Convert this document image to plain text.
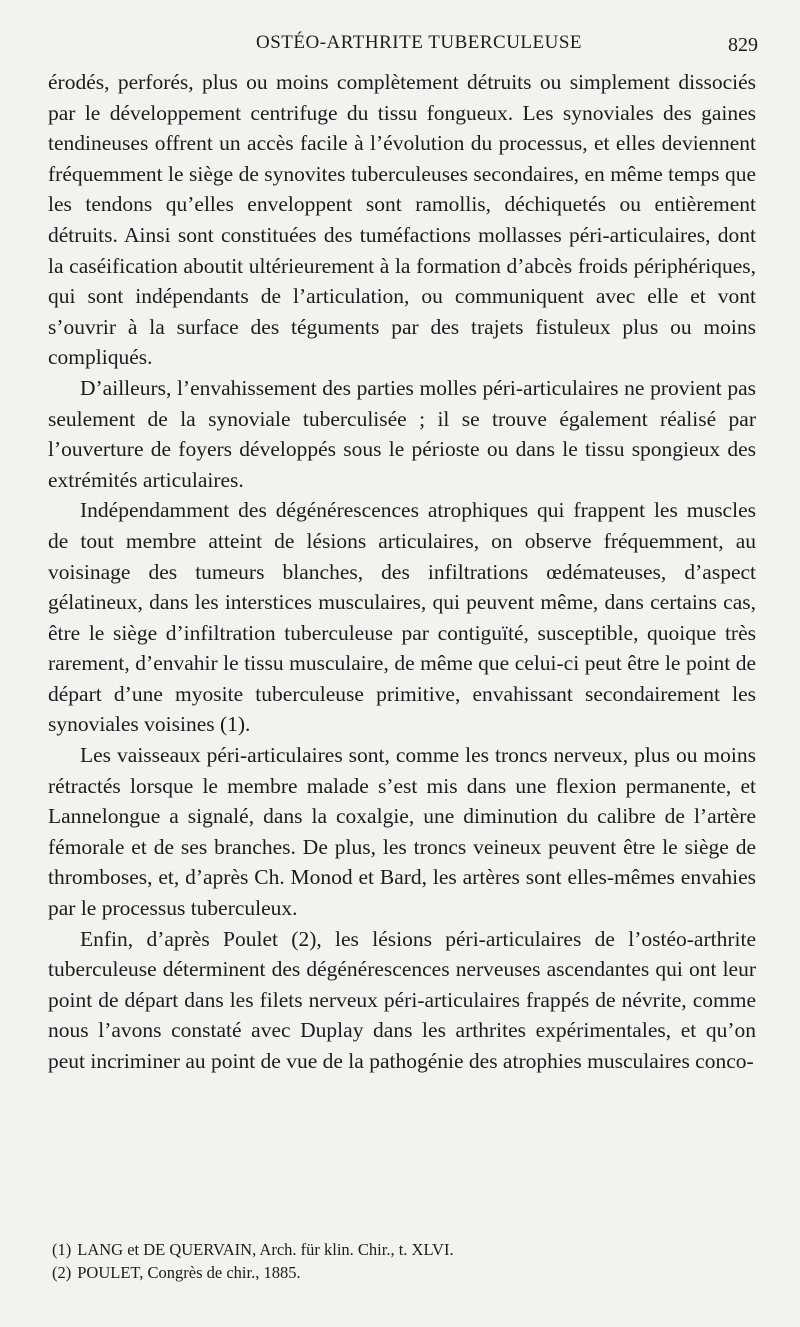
OSTÉO-ARTHRITE TUBERCULEUSE	829

érodés, perforés, plus ou moins complètement détruits ou simplement dissociés par le développement centrifuge du tissu fongueux. Les synoviales des gaines tendineuses offrent un accès facile à l’évolution du processus, et elles deviennent fréquemment le siège de synovites tuberculeuses secondaires, en même temps que les tendons qu’elles enveloppent sont ramollis, déchiquetés ou entièrement détruits. Ainsi sont constituées des tuméfactions mollasses péri-articulaires, dont la caséification aboutit ultérieurement à la formation d’abcès froids périphériques, qui sont indépendants de l’articulation, ou communiquent avec elle et vont s’ouvrir à la surface des téguments par des trajets fistuleux plus ou moins compliqués.

D’ailleurs, l’envahissement des parties molles péri-articulaires ne provient pas seulement de la synoviale tuberculisée ; il se trouve également réalisé par l’ouverture de foyers développés sous le périoste ou dans le tissu spongieux des extrémités articulaires.

Indépendamment des dégénérescences atrophiques qui frappent les muscles de tout membre atteint de lésions articulaires, on observe fréquemment, au voisinage des tumeurs blanches, des infiltrations œdémateuses, d’aspect gélatineux, dans les interstices musculaires, qui peuvent même, dans certains cas, être le siège d’infiltration tuberculeuse par contiguïté, susceptible, quoique très rarement, d’envahir le tissu musculaire, de même que celui-ci peut être le point de départ d’une myosite tuberculeuse primitive, envahissant secondairement les synoviales voisines (1).

Les vaisseaux péri-articulaires sont, comme les troncs nerveux, plus ou moins rétractés lorsque le membre malade s’est mis dans une flexion permanente, et Lannelongue a signalé, dans la coxalgie, une diminution du calibre de l’artère fémorale et de ses branches. De plus, les troncs veineux peuvent être le siège de thromboses, et, d’après Ch. Monod et Bard, les artères sont elles-mêmes envahies par le processus tuberculeux.

Enfin, d’après Poulet (2), les lésions péri-articulaires de l’ostéo-arthrite tuberculeuse déterminent des dégénérescences nerveuses ascendantes qui ont leur point de départ dans les filets nerveux péri-articulaires frappés de névrite, comme nous l’avons constaté avec Duplay dans les arthrites expérimentales, et qu’on peut incriminer au point de vue de la pathogénie des atrophies musculaires conco-

(1) LANG et DE QUERVAIN, Arch. für klin. Chir., t. XLVI.

(2) POULET, Congrès de chir., 1885.
